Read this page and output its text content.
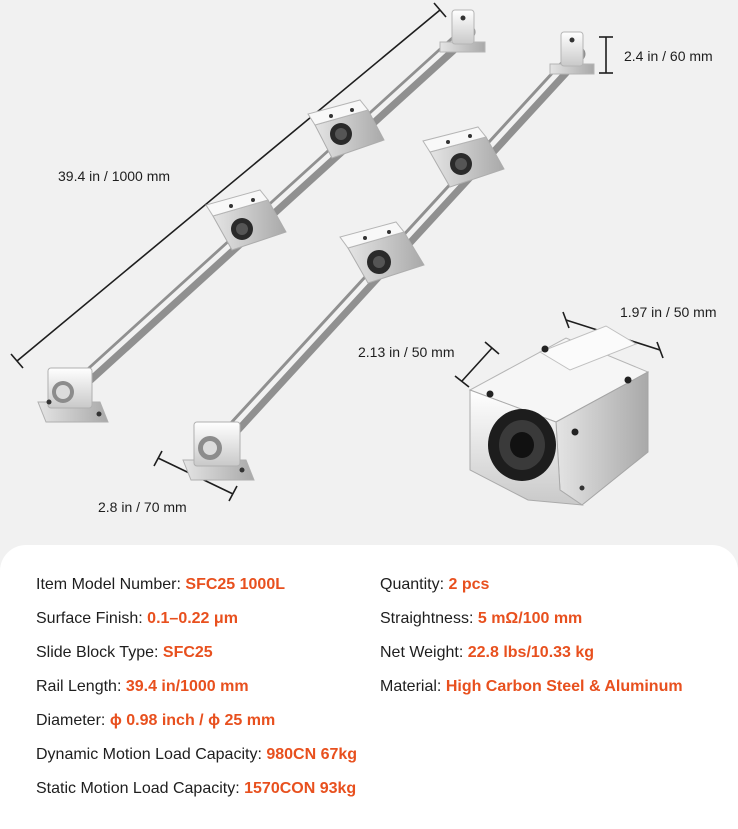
39.4 in / 1000 mm
2.4 in / 60 mm
1.97 in / 50 mm
2.13 in / 50 mm
2.8 in / 70 mm
Item Model Number: SFC25 1000L	Quantity: 2 pcs
Surface Finish: 0.1–0.22 μm	Straightness: 5 mΩ/100 mm
Slide Block Type: SFC25	Net Weight: 22.8 lbs/10.33 kg
Rail Length: 39.4 in/1000 mm	Material: High Carbon Steel & Aluminum
Diameter: ϕ 0.98 inch / ϕ 25 mm
Dynamic Motion Load Capacity: 980CN 67kg
Static Motion Load Capacity: 1570CON 93kg
